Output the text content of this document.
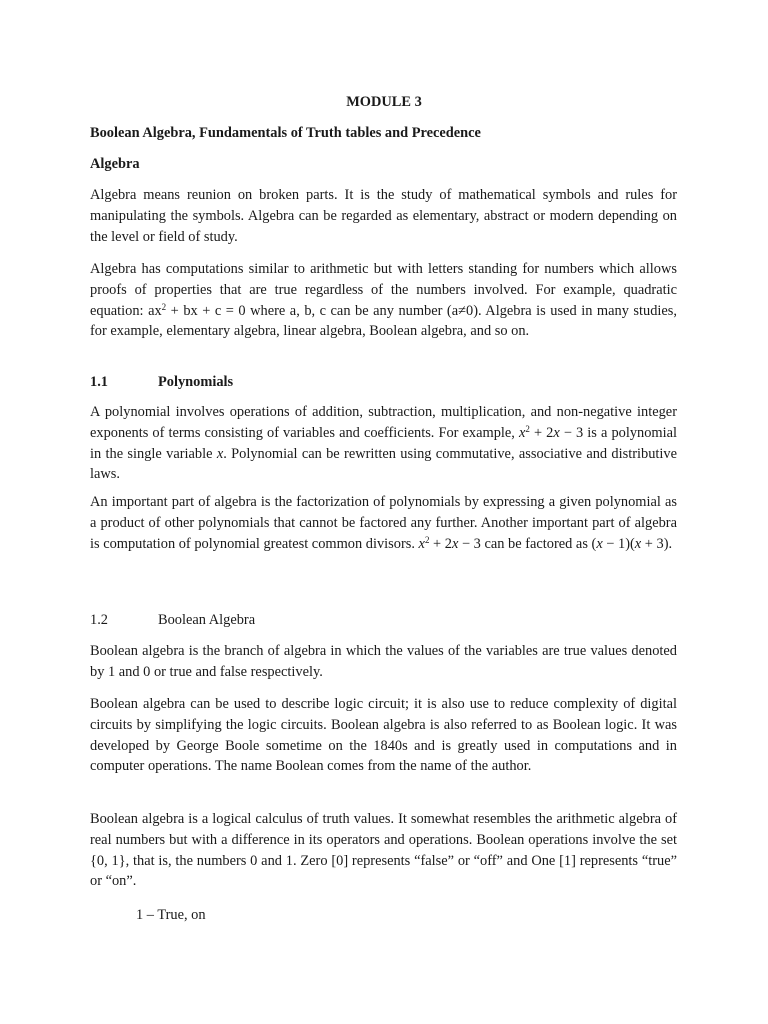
MODULE 3
Boolean Algebra, Fundamentals of Truth tables and Precedence
Algebra

Algebra means reunion on broken parts. It is the study of mathematical symbols and rules for manipulating the symbols. Algebra can be regarded as elementary, abstract or modern depending on the level or field of study.

Algebra has computations similar to arithmetic but with letters standing for numbers which allows proofs of properties that are true regardless of the numbers involved. For example, quadratic equation: $ax^2$ + bx + c = 0 where a, b, c can be any number (a≠0). Algebra is used in many studies, for example, elementary algebra, linear algebra, Boolean algebra, and so on.

1.1	Polynomials

A polynomial involves operations of addition, subtraction, multiplication, and non-negative integer exponents of terms consisting of variables and coefficients. For example, $x^2 + 2x - 3$ is a polynomial in the single variable x. Polynomial can be rewritten using commutative, associative and distributive laws.

An important part of algebra is the factorization of polynomials by expressing a given polynomial as a product of other polynomials that cannot be factored any further. Another important part of algebra is computation of polynomial greatest common divisors. $x^2 + 2x - 3$ can be factored as (x − 1)(x + 3).

1.2	Boolean Algebra

Boolean algebra is the branch of algebra in which the values of the variables are true values denoted by 1 and 0 or true and false respectively.

Boolean algebra can be used to describe logic circuit; it is also use to reduce complexity of digital circuits by simplifying the logic circuits. Boolean algebra is also referred to as Boolean logic. It was developed by George Boole sometime on the 1840s and is greatly used in computations and in computer operations. The name Boolean comes from the name of the author.

Boolean algebra is a logical calculus of truth values. It somewhat resembles the arithmetic algebra of real numbers but with a difference in its operators and operations. Boolean operations involve the set {0, 1}, that is, the numbers 0 and 1. Zero [0] represents “false” or “off” and One [1] represents “true” or “on”.

1 – True, on
